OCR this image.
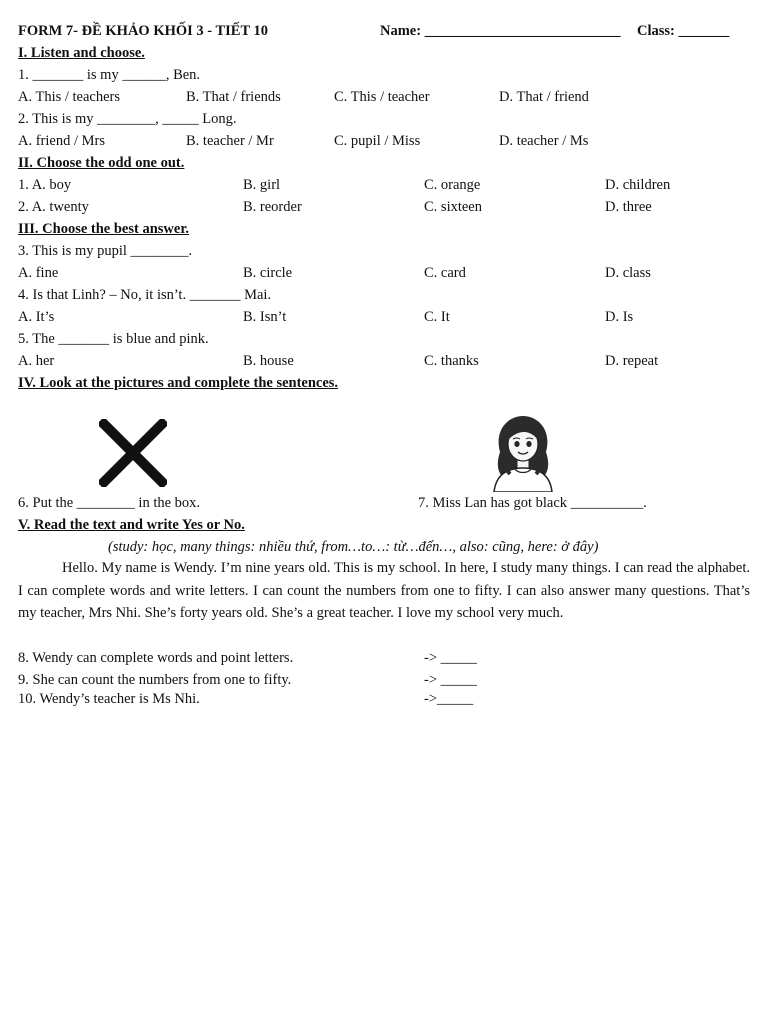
FORM 7- ĐỀ KHẢO KHỐI 3 - TIẾT 10	Name: ___________________________ Class: _______
I. Listen and choose.
1. _______ is my ______, Ben.
A. This / teachers	B. That / friends	C. This / teacher	D. That / friend
2. This is my ________, _____ Long.
A. friend / Mrs	B. teacher / Mr	C. pupil / Miss	D. teacher / Ms
II. Choose the odd one out.
1. A. boy	B. girl	C. orange	D. children
2. A. twenty	B. reorder	C. sixteen	D. three
III. Choose the best answer.
3. This is my pupil ________.
A. fine	B. circle	C. card	D. class
4. Is that Linh? – No, it isn’t. _______ Mai.
A. It’s	B. Isn’t	C. It	D. Is
5. The _______ is blue and pink.
A. her	B. house	C. thanks	D. repeat
IV. Look at the pictures and complete the sentences.
6. Put the ________ in the box.	7. Miss Lan has got black __________.
V. Read the text and write Yes or No.
(study: học, many things: nhiều thứ, from…to…: từ…đến…, also: cũng, here: ở đây)
Hello. My name is Wendy. I’m nine years old. This is my school. In here, I study many things. I can read the alphabet. I can complete words and write letters. I can count the numbers from one to fifty. I can also answer many questions. That’s my teacher, Mrs Nhi. She’s forty years old. She’s a great teacher. I love my school very much.
8. Wendy can complete words and point letters.	-> _____
9. She can count the numbers from one to fifty.	-> _____
10. Wendy’s teacher is Ms Nhi.	->_____
